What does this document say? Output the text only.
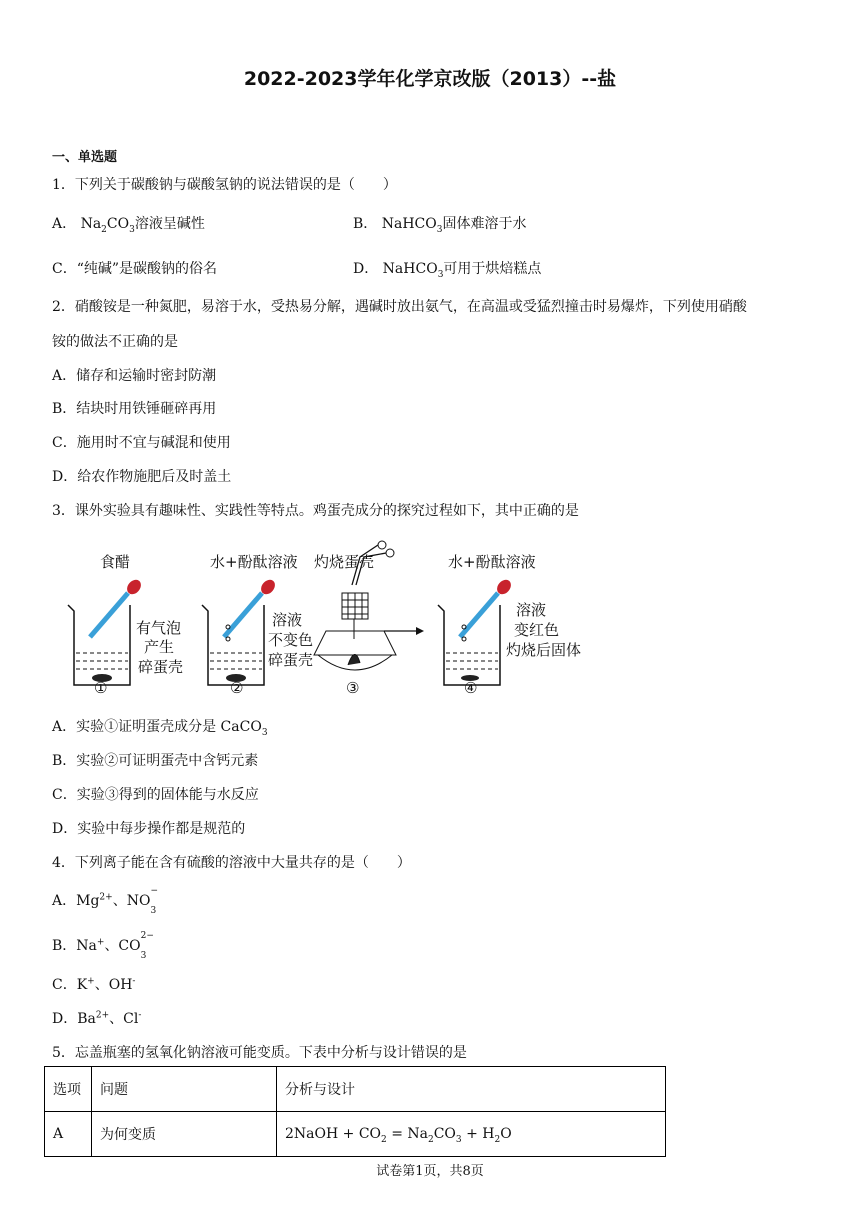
2022-2023学年化学京改版（2013）--盐
一、单选题
1．下列关于碳酸钠与碳酸氢钠的说法错误的是（　　）
A． $Na_2CO_3$溶液呈碱性	B． NaHCO$_3$固体难溶于水
C．“纯碱”是碳酸钠的俗名	D． NaHCO$_3$可用于烘焙糕点
2．硝酸铵是一种氮肥，易溶于水，受热易分解，遇碱时放出氨气，在高温或受猛烈撞击时易爆炸，下列使用硝酸
铵的做法不正确的是
A．储存和运输时密封防潮
B．结块时用铁锤砸碎再用
C．施用时不宜与碱混和使用
D．给农作物施肥后及时盖土
3．课外实验具有趣味性、实践性等特点。鸡蛋壳成分的探究过程如下，其中正确的是
食醋
有气泡
产生
碎蛋壳
①
水+酚酞溶液
溶液
不变色
碎蛋壳
②
灼烧蛋壳
③
水+酚酞溶液
溶液
变红色
灼烧后固体
④
A．实验①证明蛋壳成分是 CaCO$_3$
B．实验②可证明蛋壳中含钙元素
C．实验③得到的固体能与水反应
D．实验中每步操作都是规范的
4．下列离子能在含有硫酸的溶液中大量共存的是（　　）
A．$Mg^{2+}$、NO
−
$_3$
B．Na+、CO
2−
$_3$
C．K+、OH-
D．$Ba^{2+}$、Cl-
5．忘盖瓶塞的氢氧化钠溶液可能变质。下表中分析与设计错误的是
选项	问题	分析与设计
A	为何变质	2NaOH + $CO_2 = Na_2CO_3 + H_2O$
试卷第1页，共8页
